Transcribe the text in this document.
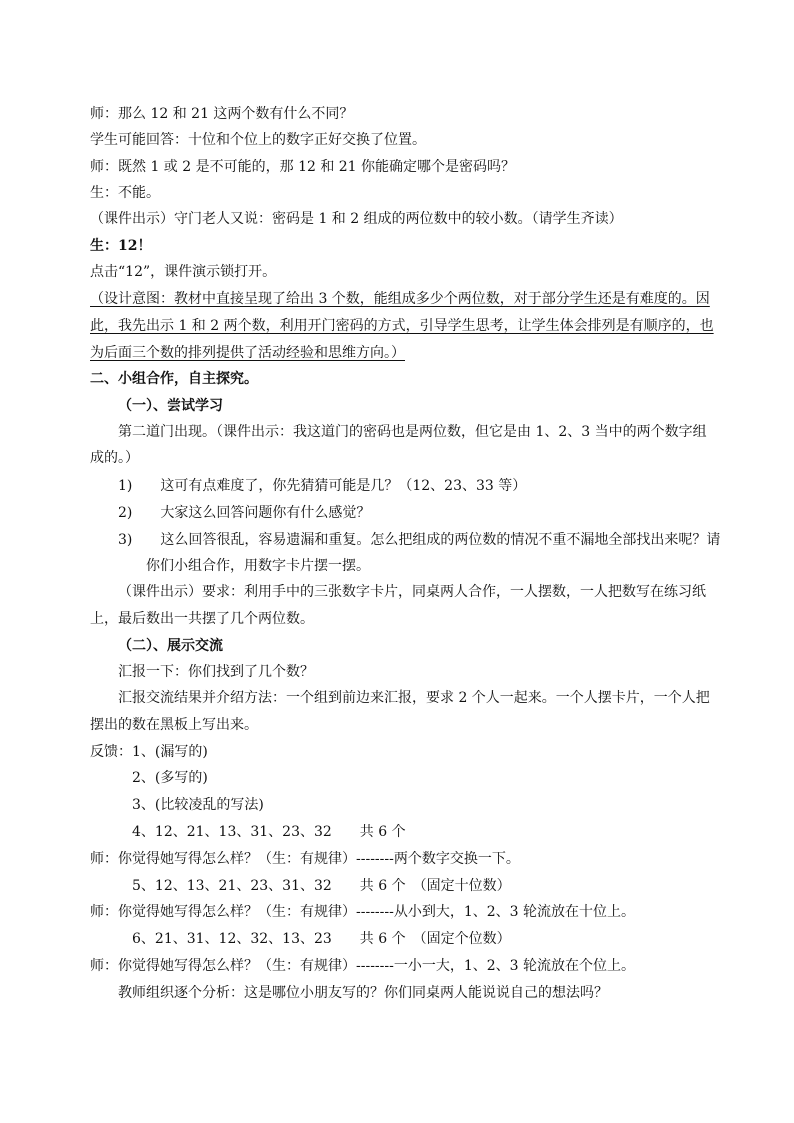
师：那么 12 和 21 这两个数有什么不同？
学生可能回答：十位和个位上的数字正好交换了位置。
师：既然 1 或 2 是不可能的，那 12 和 21 你能确定哪个是密码吗？
生：不能。
（课件出示）守门老人又说：密码是 1 和 2 组成的两位数中的较小数。（请学生齐读）
生：12！
点击“12”，课件演示锁打开。
（设计意图：教材中直接呈现了给出 3 个数，能组成多少个两位数，对于部分学生还是有难度的。因
此，我先出示 1 和 2 两个数，利用开门密码的方式，引导学生思考，让学生体会排列是有顺序的，也
为后面三个数的排列提供了活动经验和思维方向。）
二、小组合作，自主探究。
（一）、尝试学习
第二道门出现。（课件出示：我这道门的密码也是两位数，但它是由 1、2、3 当中的两个数字组
成的。）
1)　　这可有点难度了，你先猜猜可能是几？（12、23、33 等）
2)　　大家这么回答问题你有什么感觉？
3)　　这么回答很乱，容易遗漏和重复。怎么把组成的两位数的情况不重不漏地全部找出来呢？请
你们小组合作，用数字卡片摆一摆。
（课件出示）要求：利用手中的三张数字卡片，同桌两人合作，一人摆数，一人把数写在练习纸
上，最后数出一共摆了几个两位数。
（二）、展示交流
汇报一下：你们找到了几个数？
汇报交流结果并介绍方法：一个组到前边来汇报，要求 2 个人一起来。一个人摆卡片，一个人把
摆出的数在黑板上写出来。
反馈：1、(漏写的)
2、(多写的)
3、(比较凌乱的写法)
4、12、21、13、31、23、32　　共 6 个
师：你觉得她写得怎么样？（生：有规律）--------两个数字交换一下。
5、12、13、21、23、31、32　　共 6 个　（固定十位数）
师：你觉得她写得怎么样？（生：有规律）--------从小到大，1、2、3 轮流放在十位上。
6、21、31、12、32、13、23　　共 6 个　（固定个位数）
师：你觉得她写得怎么样？（生：有规律）--------一小一大，1、2、3 轮流放在个位上。
教师组织逐个分析：这是哪位小朋友写的？你们同桌两人能说说自己的想法吗？
